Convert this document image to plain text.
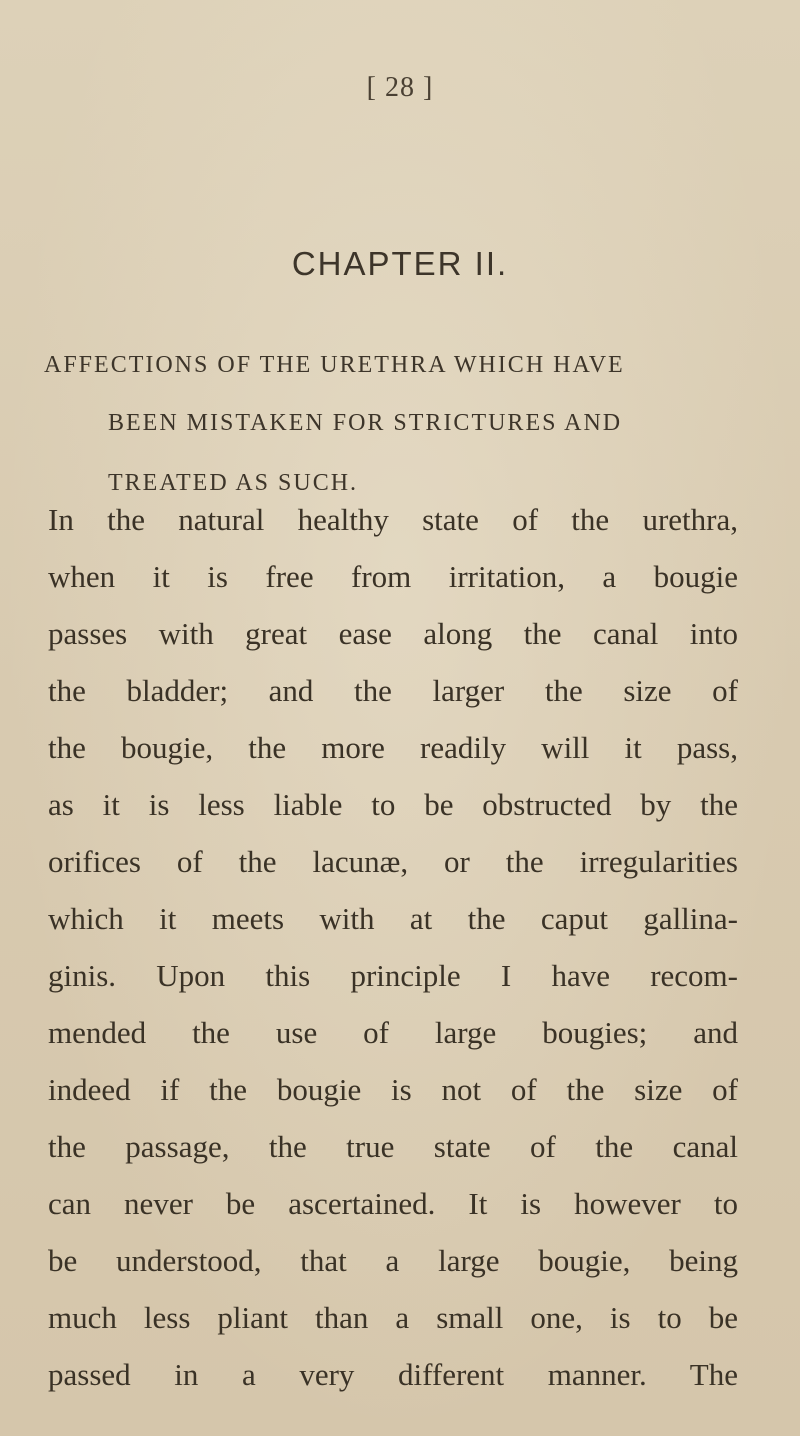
[ 28 ]
CHAPTER II.
AFFECTIONS OF THE URETHRA WHICH HAVE
BEEN MISTAKEN FOR STRICTURES AND
TREATED AS SUCH.
In the natural healthy state of the urethra,
when it is free from irritation, a bougie
passes with great ease along the canal into
the bladder; and the larger the size of
the bougie, the more readily will it pass,
as it is less liable to be obstructed by the
orifices of the lacunæ, or the irregularities
which it meets with at the caput gallina-
ginis. Upon this principle I have recom-
mended the use of large bougies; and
indeed if the bougie is not of the size of
the passage, the true state of the canal
can never be ascertained. It is however to
be understood, that a large bougie, being
much less pliant than a small one, is to be
passed in a very different manner. The
